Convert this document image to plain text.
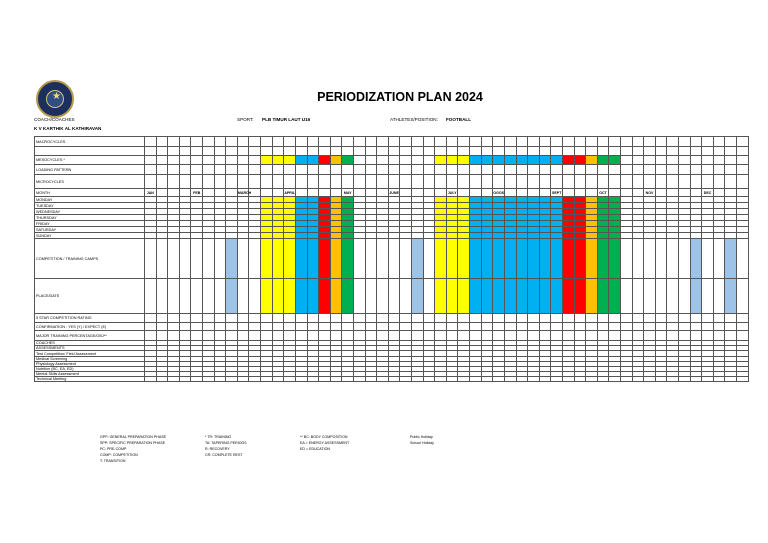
★	PERIODIZATION PLAN 2024
COACH/COACHES
K V KARTHIK AL KATHIRAVAN
SPORT: PLB TIMUR LAUT U16	ATHLETES/POSITION: FOOTBALL
MACROCYCLES																																																				

MESOCYCLES *																																																				
LOADING PATTERN																																																				
MICROCYCLES																																																				
MONTH	JAN				FEB				MARCH				APRIL					MAY				JUNE					JULY				OGOS					SEPT				OCT				NOV					DEC			
MONDAY																																																				
TUESDAY																																																				
WEDNESDAY																																																				
THURSDAY																																																				
FRIDAY																																																				
SATURDAY																																																				
SUNDAY																																																				
COMPETITION / TRAINING CAMPS																																																				
PLACE/DATE																																																				
5 STAR COMPETITION RATING																																																				
CONFIRMATION : YES (Y) / EXPECT (E)																																																				
MAJOR TRAINING PERCENTAGE/OBJ**																																																				
COACHES																																																				
ASSESSMENTS																																																				
Test Competition/ Field Assessment																																																				
Medical Screening																																																				
Physiology Assessment																																																				
Nutrition (BC, EA, ED)																																																				
Mental Skills Assessment																																																				
Technical Meeting																																																				
GPP: GENERAL PREPARATION PHASE
SPP: SPECIFIC PREPARATION PHASE
PC: PRE-COMP
COMP: COMPETITION
T: TRANSITION
* TR: TRAINING
TA: TAPERING PERIODS
R: RECOVERY
CR: COMPLETE REST
** BC: BODY COMPOSITION
EA = ENERGY ASSESSMENT
ED = EDUCATION
Public Holiday
School Holiday
